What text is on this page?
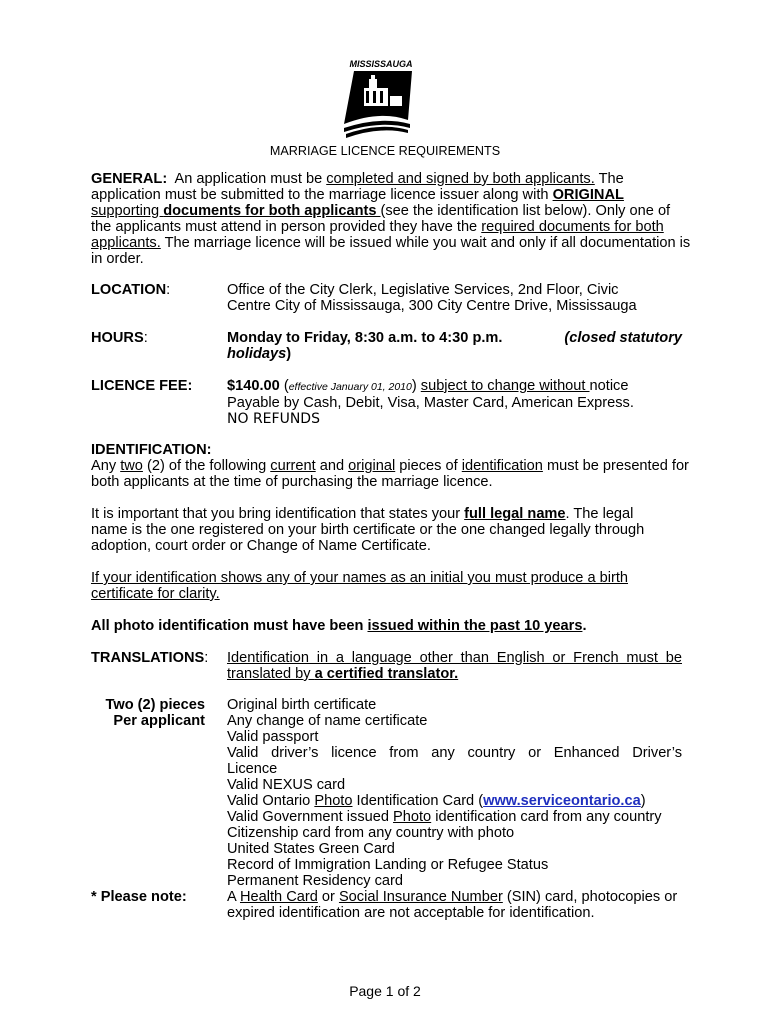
MISSISSAUGA
MARRIAGE LICENCE REQUIREMENTS
GENERAL: An application must be completed and signed by both applicants. The application must be submitted to the marriage licence issuer along with ORIGINAL supporting documents for both applicants (see the identification list below). Only one of the applicants must attend in person provided they have the required documents for both applicants. The marriage licence will be issued while you wait and only if all documentation is in order.
LOCATION:	Office of the City Clerk, Legislative Services, 2nd Floor, Civic
Centre City of Mississauga, 300 City Centre Drive, Mississauga
HOURS:	Monday to Friday, 8:30 a.m. to 4:30 p.m.	(closed statutory
holidays)
LICENCE FEE: $140.00 (effective January 01, 2010) subject to change without notice
Payable by Cash, Debit, Visa, Master Card, American Express.
NO REFUNDS
IDENTIFICATION:
Any two (2) of the following current and original pieces of identification must be presented for both applicants at the time of purchasing the marriage licence.
It is important that you bring identification that states your full legal name. The legal name is the one registered on your birth certificate or the one changed legally through adoption, court order or Change of Name Certificate.
If your identification shows any of your names as an initial you must produce a birth certificate for clarity.
All photo identification must have been issued within the past 10 years.
TRANSLATIONS: Identification in a language other than English or French must be translated by a certified translator.
Two (2) pieces
Per applicant
Original birth certificate
Any change of name certificate
Valid passport
Valid driver’s licence from any country or Enhanced Driver’s Licence
Valid NEXUS card
Valid Ontario Photo Identification Card (www.serviceontario.ca)
Valid Government issued Photo identification card from any country
Citizenship card from any country with photo
United States Green Card
Record of Immigration Landing or Refugee Status
Permanent Residency card
* Please note:	A Health Card or Social Insurance Number (SIN) card, photocopies or expired identification are not acceptable for identification.
Page 1 of 2
